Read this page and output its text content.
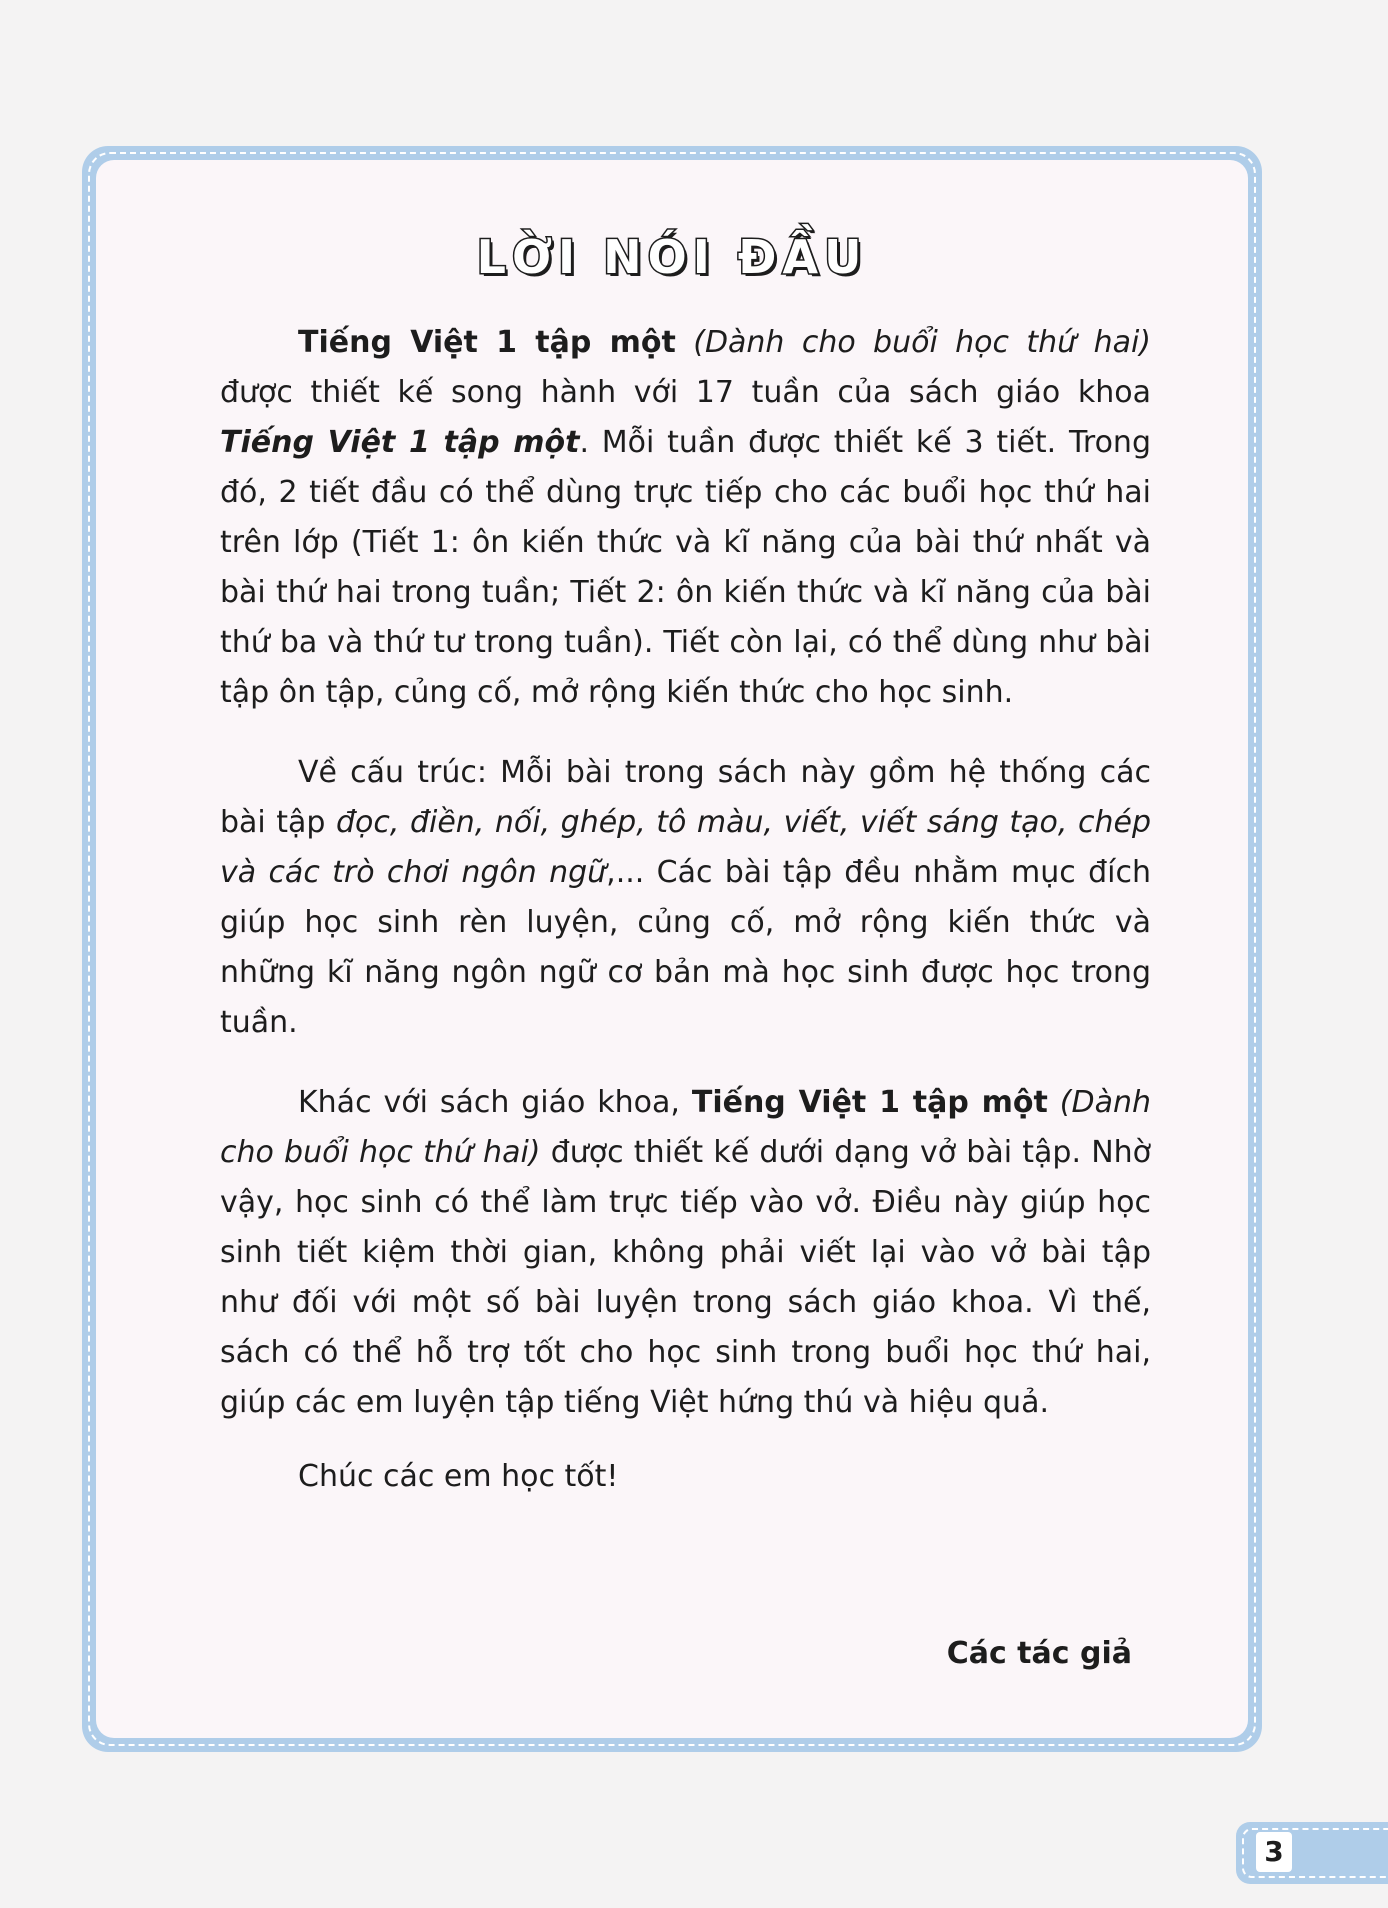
LỜI NÓI ĐẦU

Tiếng Việt 1 tập một (Dành cho buổi học thứ hai) được thiết kế song hành với 17 tuần của sách giáo khoa Tiếng Việt 1 tập một. Mỗi tuần được thiết kế 3 tiết. Trong đó, 2 tiết đầu có thể dùng trực tiếp cho các buổi học thứ hai trên lớp (Tiết 1: ôn kiến thức và kĩ năng của bài thứ nhất và bài thứ hai trong tuần; Tiết 2: ôn kiến thức và kĩ năng của bài thứ ba và thứ tư trong tuần). Tiết còn lại, có thể dùng như bài tập ôn tập, củng cố, mở rộng kiến thức cho học sinh.

Về cấu trúc: Mỗi bài trong sách này gồm hệ thống các bài tập đọc, điền, nối, ghép, tô màu, viết, viết sáng tạo, chép và các trò chơi ngôn ngữ,... Các bài tập đều nhằm mục đích giúp học sinh rèn luyện, củng cố, mở rộng kiến thức và những kĩ năng ngôn ngữ cơ bản mà học sinh được học trong tuần.

Khác với sách giáo khoa, Tiếng Việt 1 tập một (Dành cho buổi học thứ hai) được thiết kế dưới dạng vở bài tập. Nhờ vậy, học sinh có thể làm trực tiếp vào vở. Điều này giúp học sinh tiết kiệm thời gian, không phải viết lại vào vở bài tập như đối với một số bài luyện trong sách giáo khoa. Vì thế, sách có thể hỗ trợ tốt cho học sinh trong buổi học thứ hai, giúp các em luyện tập tiếng Việt hứng thú và hiệu quả.

Chúc các em học tốt!

Các tác giả
3
